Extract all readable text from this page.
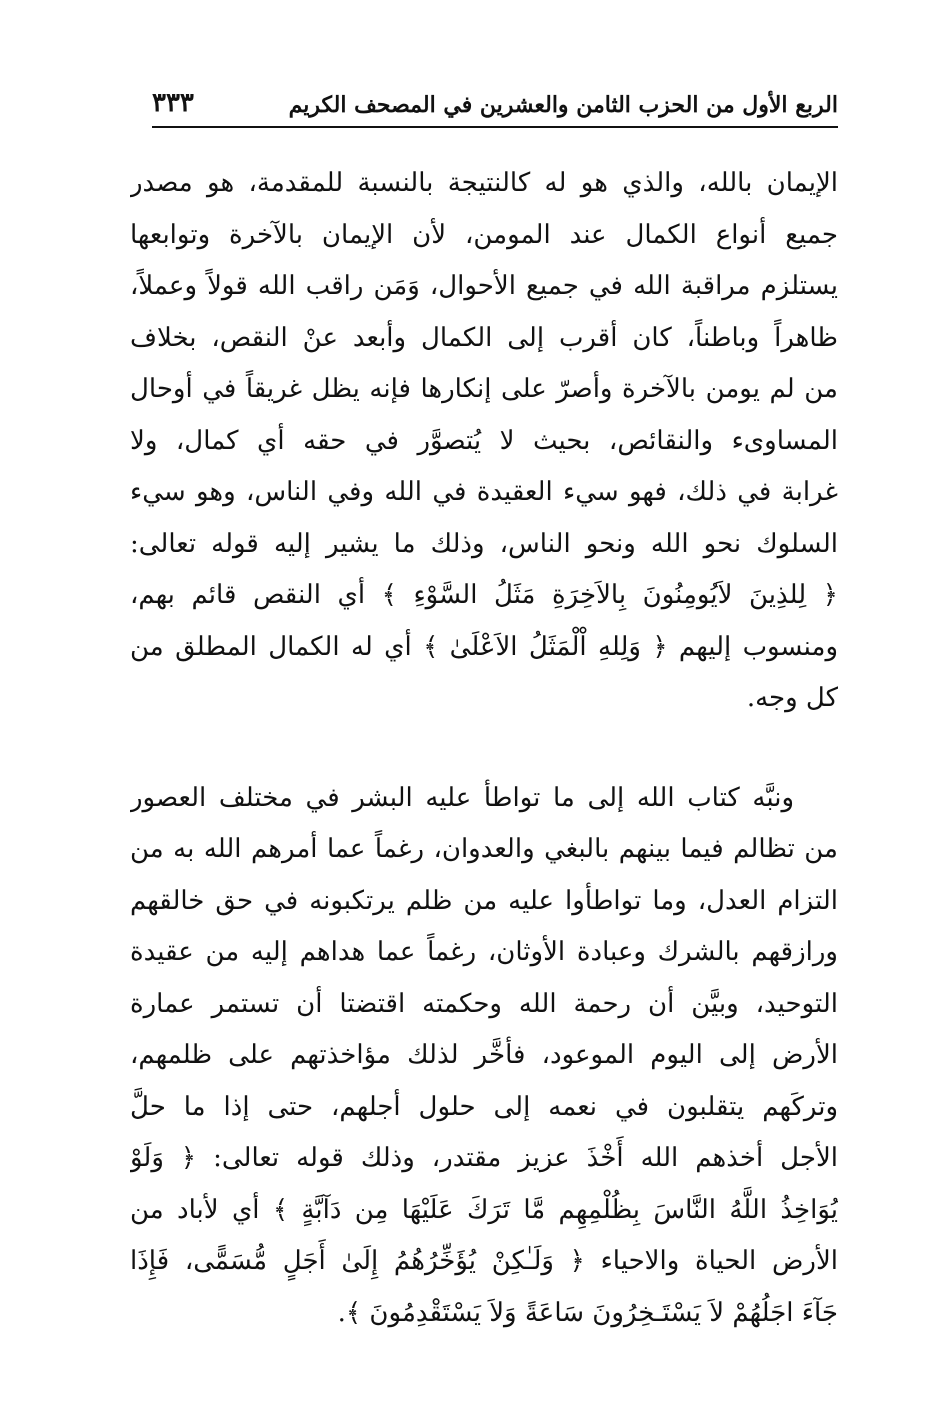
الربع الأول من الحزب الثامن والعشرين في المصحف الكريم
٣٣٣

الإيمان بالله، والذي هو له كالنتيجة بالنسبة للمقدمة، هو مصدر
جميع أنواع الكمال عند المومن، لأن الإيمان بالآخرة وتوابعها
يستلزم مراقبة الله في جميع الأحوال، وَمَن راقب الله قولاً وعملاً،
ظاهراً وباطناً، كان أقرب إلى الكمال وأبعد عنْ النقص، بخلاف
من لم يومن بالآخرة وأصرّ على إنكارها فإنه يظل غريقاً في أوحال
المساوىء والنقائص، بحيث لا يُتصوَّر في حقه أي كمال، ولا
غرابة في ذلك، فهو سيء العقيدة في الله وفي الناس، وهو سيء
السلوك نحو الله ونحو الناس، وذلك ما يشير إليه قوله تعالى:
﴿ لِلذِينَ لاَيُومِنُونَ بِالاَخِرَةِ مَثَلُ السَّوْءِ ﴾ أي النقص قائم بهم،
ومنسوب إليهم ﴿ وَلِلهِ اْلْمَثَلُ الاَعْلَىٰ ﴾ أي له الكمال المطلق من
كل وجه.

ونبَّه كتاب الله إلى ما تواطأ عليه البشر في مختلف العصور
من تظالم فيما بينهم بالبغي والعدوان، رغماً عما أمرهم الله به من
التزام العدل، وما تواطأوا عليه من ظلم يرتكبونه في حق خالقهم
ورازقهم بالشرك وعبادة الأوثان، رغماً عما هداهم إليه من عقيدة
التوحيد، وبيَّن أن رحمة الله وحكمته اقتضتا أن تستمر عمارة
الأرض إلى اليوم الموعود، فأخَّر لذلك مؤاخذتهم على ظلمهم،
وتركَهم يتقلبون في نعمه إلى حلول أجلهم، حتى إذا ما حلَّ
الأجل أخذهم الله أَخْذَ عزيز مقتدر، وذلك قوله تعالى: ﴿ وَلَوْ
يُوَاخِذُ اللَّهُ النَّاسَ بِظُلْمِهِم مَّا تَرَكَ عَلَيْهَا مِن دَآبَّةٍ ﴾ أي لأباد من
الأرض الحياة والاحياء ﴿ وَلَـٰكِنْ يُؤَخِّرُهُمُ إِلَىٰ أَجَلٍ مُّسَمًّى، فَإِذَا
جَآءَ اجَلُهُمْ لاَ يَسْتَـخِرُونَ سَاعَةً وَلاَ يَسْتَقْدِمُونَ ﴾.
